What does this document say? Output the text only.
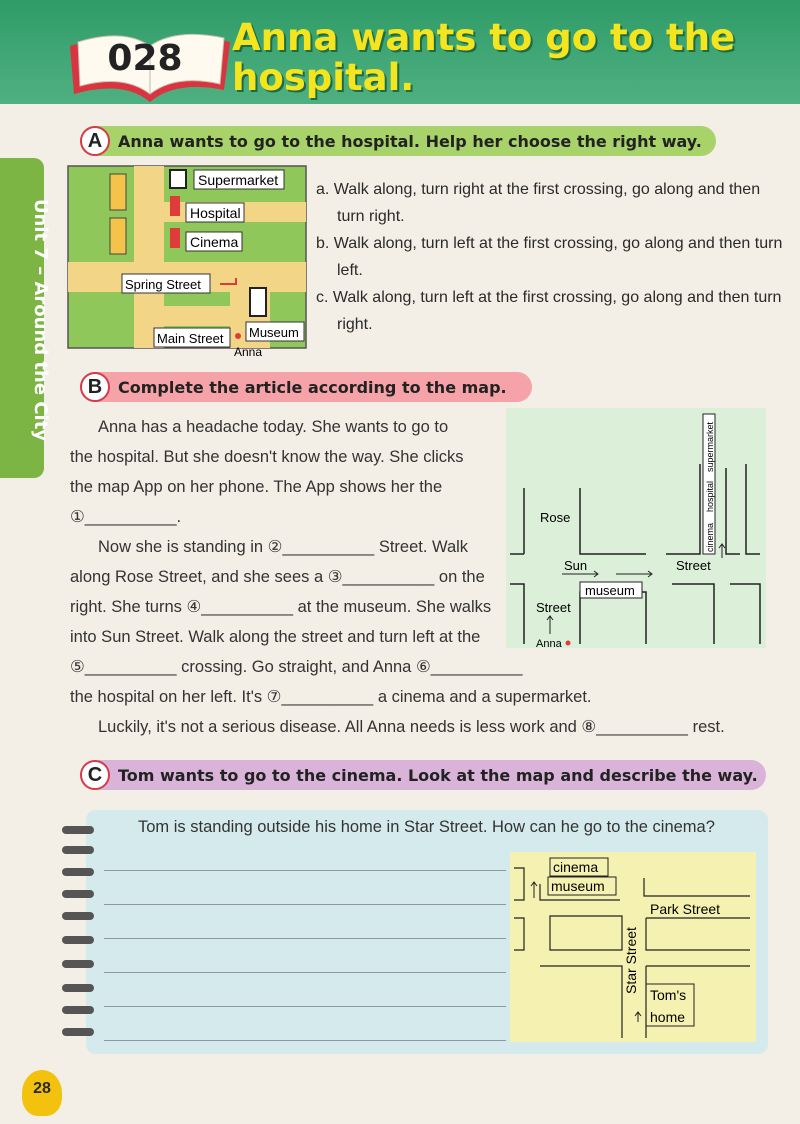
028 Anna wants to go to the hospital.
Unit 7 – Around the City
A Anna wants to go to the hospital. Help her choose the right way.
Supermarket
Hospital
Cinema
Spring Street
Main Street Museum
Anna
a. Walk along, turn right at the first crossing, go along and then turn right.
b. Walk along, turn left at the first crossing, go along and then turn left.
c. Walk along, turn left at the first crossing, go along and then turn right.
B Complete the article according to the map.
Anna has a headache today. She wants to go to
the hospital. But she doesn't know the way. She clicks
the map App on her phone. The App shows her the
①__________.
Now she is standing in ②__________ Street. Walk
along Rose Street, and she sees a ③__________ on the
right. She turns ④__________ at the museum. She walks
into Sun Street. Walk along the street and turn left at the
⑤__________ crossing. Go straight, and Anna ⑥__________
the hospital on her left. It's ⑦__________ a cinema and a supermarket.
Luckily, it's not a serious disease. All Anna needs is less work and ⑧__________ rest.
cinema
hospital
supermarket
Rose
Street
Sun	Street
museum
Anna
C Tom wants to go to the cinema. Look at the map and describe the way.
Tom is standing outside his home in Star Street. How can he go to the cinema?
cinema
museum
Park Street
Star Street
Tom's
home
28
